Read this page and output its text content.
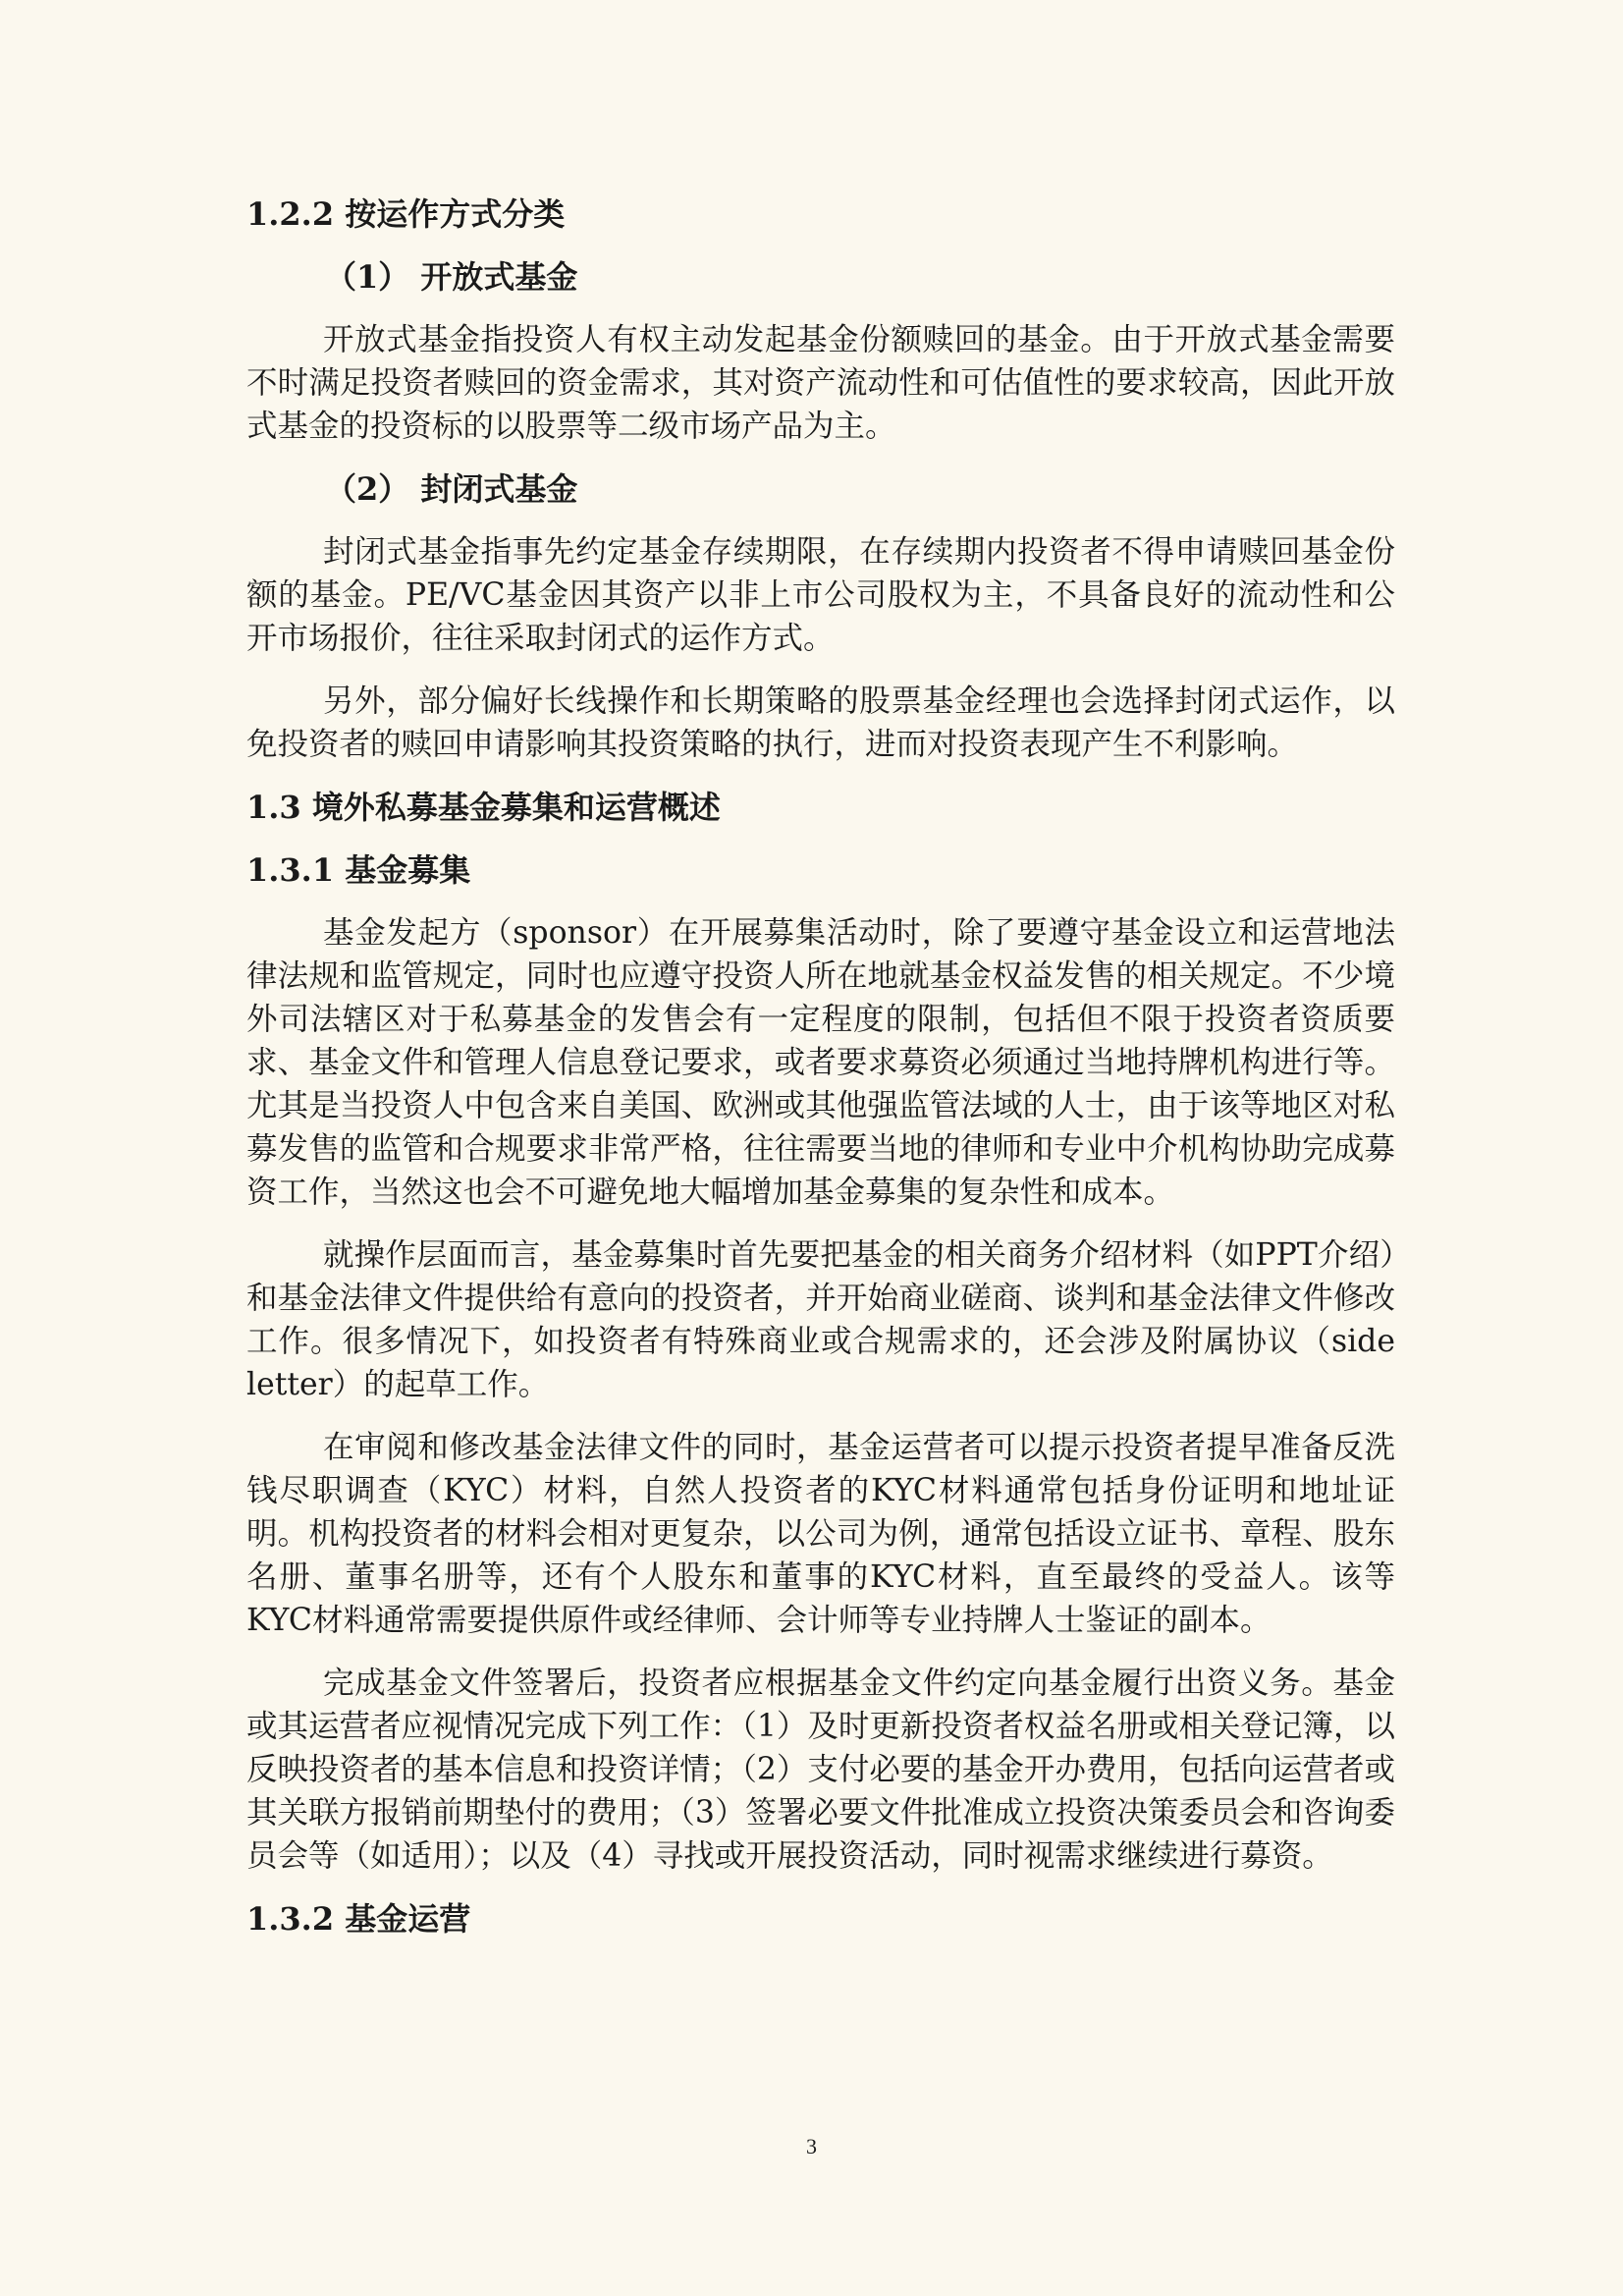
1.2.2 按运作方式分类
（1） 开放式基金
开放式基金指投资人有权主动发起基金份额赎回的基金。由于开放式基金需要不时满足投资者赎回的资金需求，其对资产流动性和可估值性的要求较高，因此开放式基金的投资标的以股票等二级市场产品为主。
（2） 封闭式基金
封闭式基金指事先约定基金存续期限，在存续期内投资者不得申请赎回基金份额的基金。PE/VC基金因其资产以非上市公司股权为主，不具备良好的流动性和公开市场报价，往往采取封闭式的运作方式。
另外，部分偏好长线操作和长期策略的股票基金经理也会选择封闭式运作，以免投资者的赎回申请影响其投资策略的执行，进而对投资表现产生不利影响。
1.3 境外私募基金募集和运营概述
1.3.1 基金募集
基金发起方（sponsor）在开展募集活动时，除了要遵守基金设立和运营地法律法规和监管规定，同时也应遵守投资人所在地就基金权益发售的相关规定。不少境外司法辖区对于私募基金的发售会有一定程度的限制，包括但不限于投资者资质要求、基金文件和管理人信息登记要求，或者要求募资必须通过当地持牌机构进行等。尤其是当投资人中包含来自美国、欧洲或其他强监管法域的人士，由于该等地区对私募发售的监管和合规要求非常严格，往往需要当地的律师和专业中介机构协助完成募资工作，当然这也会不可避免地大幅增加基金募集的复杂性和成本。
就操作层面而言，基金募集时首先要把基金的相关商务介绍材料（如PPT介绍）和基金法律文件提供给有意向的投资者，并开始商业磋商、谈判和基金法律文件修改工作。很多情况下，如投资者有特殊商业或合规需求的，还会涉及附属协议（side letter）的起草工作。
在审阅和修改基金法律文件的同时，基金运营者可以提示投资者提早准备反洗钱尽职调查（KYC）材料，自然人投资者的KYC材料通常包括身份证明和地址证明。机构投资者的材料会相对更复杂，以公司为例，通常包括设立证书、章程、股东名册、董事名册等，还有个人股东和董事的KYC材料，直至最终的受益人。该等KYC材料通常需要提供原件或经律师、会计师等专业持牌人士鉴证的副本。
完成基金文件签署后，投资者应根据基金文件约定向基金履行出资义务。基金或其运营者应视情况完成下列工作：（1）及时更新投资者权益名册或相关登记簿，以反映投资者的基本信息和投资详情；（2）支付必要的基金开办费用，包括向运营者或其关联方报销前期垫付的费用；（3）签署必要文件批准成立投资决策委员会和咨询委员会等（如适用）；以及（4）寻找或开展投资活动，同时视需求继续进行募资。
1.3.2 基金运营
3
